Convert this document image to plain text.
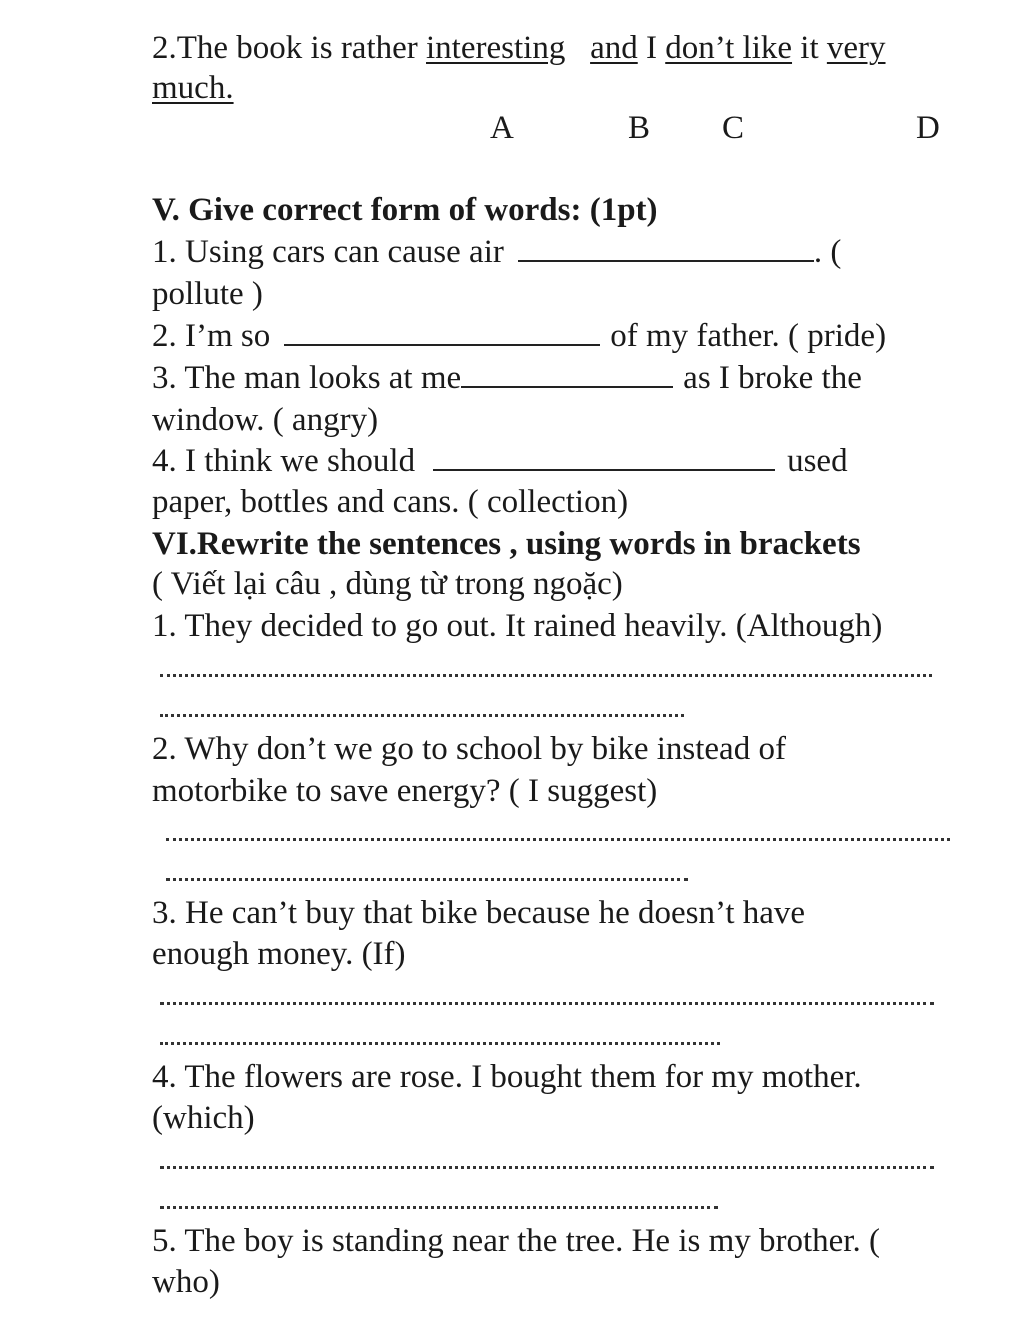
2.The book is rather interesting and I don’t like it very

much.

A	B C	D

V. Give correct form of words: (1pt)

1. Using cars can cause air	. (

pollute )

2. I’m so	of my father. ( pride)

3. The man looks at me	as I broke the

window. ( angry)

4. I think we should	used

paper, bottles and cans. ( collection)

VI.Rewrite the sentences , using words in brackets

( Viết lại câu , dùng từ trong ngoặc)

1. They decided to go out. It rained heavily. (Although)

2. Why don’t we go to school by bike instead of

motorbike to save energy? ( I suggest)

3. He can’t buy that bike because he doesn’t have

enough money. (If)

4. The flowers are rose. I bought them for my mother.

(which)

5. The boy is standing near the tree. He is my brother. (

who)
